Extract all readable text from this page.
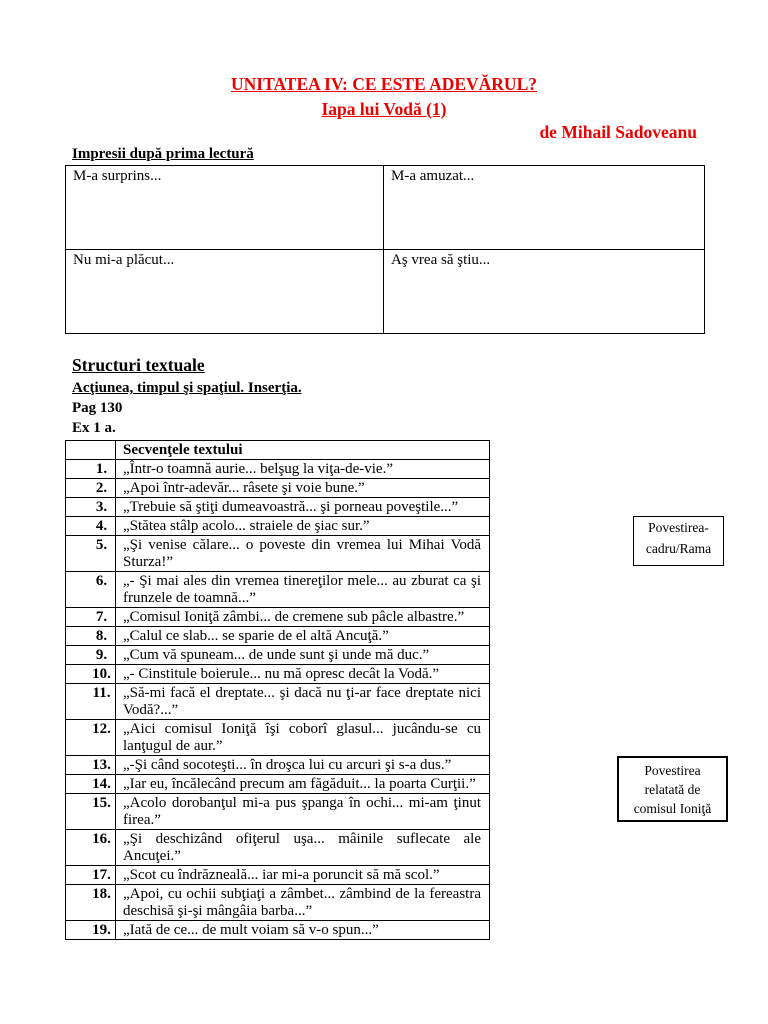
UNITATEA IV: CE ESTE ADEVĂRUL?
Iapa lui Vodă (1)
de Mihail Sadoveanu
Impresii după prima lectură
M-a surprins...	M-a amuzat...
Nu mi-a plăcut...	Aş vrea să ştiu...
Structuri textuale
Acţiunea, timpul şi spaţiul. Inserţia.
Pag 130
Ex 1 a.
	Secvenţele textului
1.	„Într-o toamnă aurie... belşug la viţa-de-vie.”
2.	„Apoi într-adevăr... râsete şi voie bune.”
3.	„Trebuie să ştiţi dumeavoastră... şi porneau poveştile...”
4.	„Stătea stâlp acolo... straiele de şiac sur.”
5.	„Şi venise călare... o poveste din vremea lui Mihai Vodă Sturza!”
6.	„- Şi mai ales din vremea tinereţilor mele... au zburat ca şi frunzele de toamnă...”
7.	„Comisul Ioniţă zâmbi... de cremene sub pâcle albastre.”
8.	„Calul ce slab... se sparie de el altă Ancuţă.”
9.	„Cum vă spuneam... de unde sunt şi unde mă duc.”
10.	„- Cinstitule boierule... nu mă opresc decât la Vodă.”
11.	„Să-mi facă el dreptate... şi dacă nu ţi-ar face dreptate nici Vodă?...”
12.	„Aici comisul Ioniţă îşi coborî glasul... jucându-se cu lanţugul de aur.”
13.	„-Şi când socoteşti... în droşca lui cu arcuri şi s-a dus.”
14.	„Iar eu, încălecând precum am făgăduit... la poarta Curţii.”
15.	„Acolo dorobanţul mi-a pus şpanga în ochi... mi-am ţinut firea.”
16.	„Şi deschizând ofiţerul uşa... mâinile suflecate ale Ancuţei.”
17.	„Scot cu îndrăzneală... iar mi-a poruncit să mă scol.”
18.	„Apoi, cu ochii subţiaţi a zâmbet... zâmbind de la fereastra deschisă şi-şi mângâia barba...”
19.	„Iată de ce... de mult voiam să v-o spun...”
Povestirea-cadru/Rama
Povestirea relatată de comisul Ioniţă
